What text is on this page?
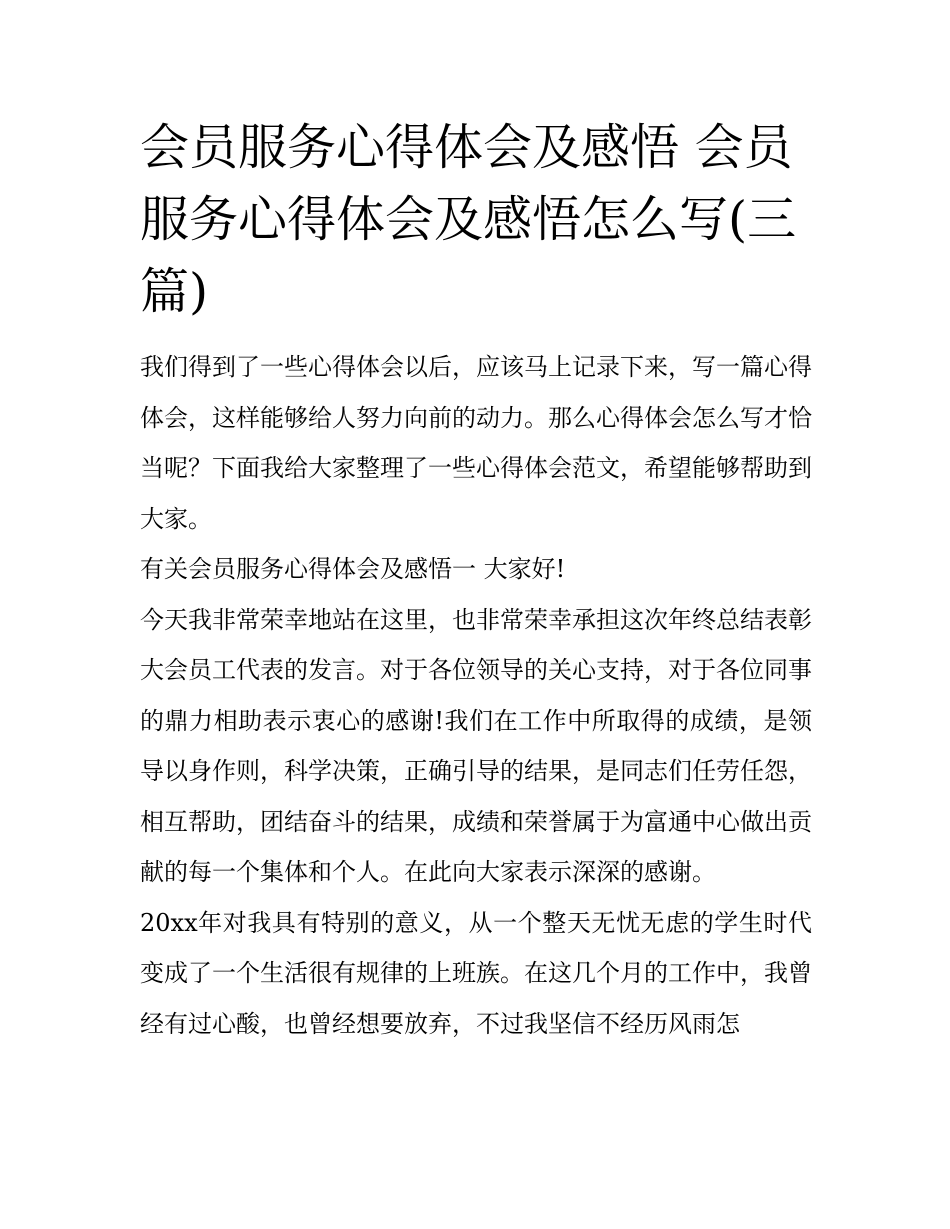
会员服务心得体会及感悟 会员服务心得体会及感悟怎么写(三篇)

我们得到了一些心得体会以后，应该马上记录下来，写一篇心得体会，这样能够给人努力向前的动力。那么心得体会怎么写才恰当呢？下面我给大家整理了一些心得体会范文，希望能够帮助到大家。

有关会员服务心得体会及感悟一 大家好!

今天我非常荣幸地站在这里，也非常荣幸承担这次年终总结表彰大会员工代表的发言。对于各位领导的关心支持，对于各位同事的鼎力相助表示衷心的感谢!我们在工作中所取得的成绩，是领导以身作则，科学决策，正确引导的结果，是同志们任劳任怨，相互帮助，团结奋斗的结果，成绩和荣誉属于为富通中心做出贡献的每一个集体和个人。在此向大家表示深深的感谢。

20xx年对我具有特别的意义，从一个整天无忧无虑的学生时代变成了一个生活很有规律的上班族。在这几个月的工作中，我曾经有过心酸，也曾经想要放弃，不过我坚信不经历风雨怎
